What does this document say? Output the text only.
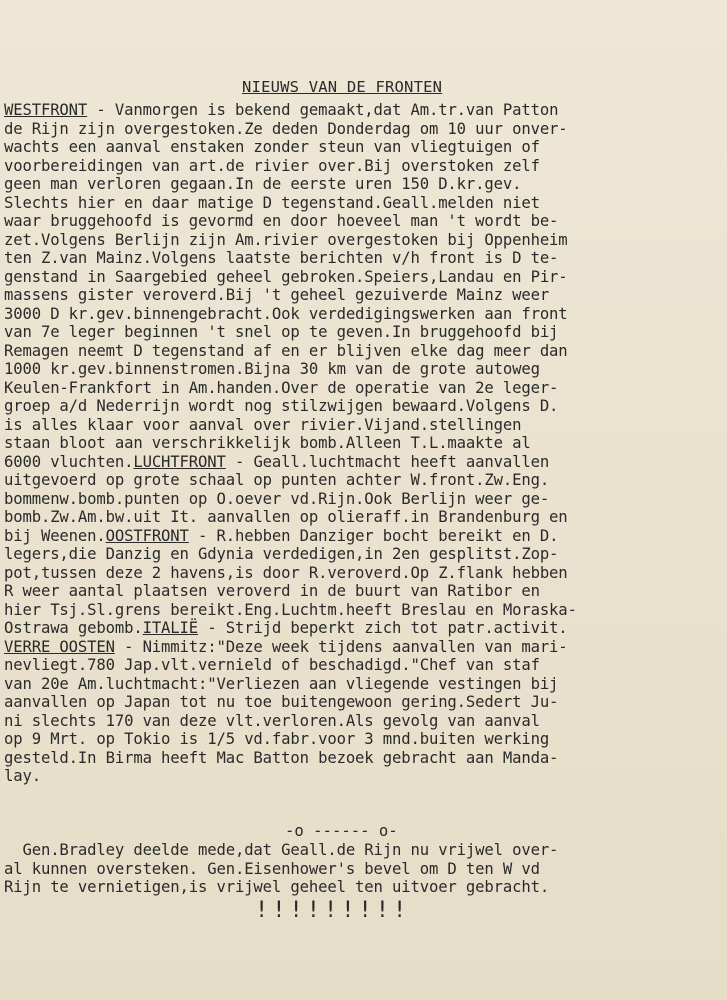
NIEUWS VAN DE FRONTEN
WESTFRONT - Vanmorgen is bekend gemaakt,dat Am.tr.van Patton
de Rijn zijn overgestoken.Ze deden Donderdag om 10 uur onver-
wachts een aanval enstaken zonder steun van vliegtuigen of
voorbereidingen van art.de rivier over.Bij overstoken zelf
geen man verloren gegaan.In de eerste uren 150 D.kr.gev.
Slechts hier en daar matige D tegenstand.Geall.melden niet
waar bruggehoofd is gevormd en door hoeveel man 't wordt be-
zet.Volgens Berlijn zijn Am.rivier overgestoken bij Oppenheim
ten Z.van Mainz.Volgens laatste berichten v/h front is D te-
genstand in Saargebied geheel gebroken.Speiers,Landau en Pir-
massens gister veroverd.Bij 't geheel gezuiverde Mainz weer
3000 D kr.gev.binnengebracht.Ook verdedigingswerken aan front
van 7e leger beginnen 't snel op te geven.In bruggehoofd bij
Remagen neemt D tegenstand af en er blijven elke dag meer dan
1000 kr.gev.binnenstromen.Bijna 30 km van de grote autoweg
Keulen-Frankfort in Am.handen.Over de operatie van 2e leger-
groep a/d Nederrijn wordt nog stilzwijgen bewaard.Volgens D.
is alles klaar voor aanval over rivier.Vijand.stellingen
staan bloot aan verschrikkelijk bomb.Alleen T.L.maakte al
6000 vluchten.LUCHTFRONT - Geall.luchtmacht heeft aanvallen
uitgevoerd op grote schaal op punten achter W.front.Zw.Eng.
bommenw.bomb.punten op O.oever vd.Rijn.Ook Berlijn weer ge-
bomb.Zw.Am.bw.uit It. aanvallen op olieraff.in Brandenburg en
bij Weenen.OOSTFRONT - R.hebben Danziger bocht bereikt en D.
legers,die Danzig en Gdynia verdedigen,in 2en gesplitst.Zop-
pot,tussen deze 2 havens,is door R.veroverd.Op Z.flank hebben
R weer aantal plaatsen veroverd in de buurt van Ratibor en
hier Tsj.Sl.grens bereikt.Eng.Luchtm.heeft Breslau en Moraska-
Ostrawa gebomb.ITALIË - Strijd beperkt zich tot patr.activit.
VERRE OOSTEN - Nimmitz:"Deze week tijdens aanvallen van mari-
nevliegt.780 Jap.vlt.vernield of beschadigd."Chef van staf
van 20e Am.luchtmacht:"Verliezen aan vliegende vestingen bij
aanvallen op Japan tot nu toe buitengewoon gering.Sedert Ju-
ni slechts 170 van deze vlt.verloren.Als gevolg van aanval
op 9 Mrt. op Tokio is 1/5 vd.fabr.voor 3 mnd.buiten werking
gesteld.In Birma heeft Mac Batton bezoek gebracht aan Manda-
lay.
-o ------ o-
Gen.Bradley deelde mede,dat Geall.de Rijn nu vrijwel over-
al kunnen oversteken. Gen.Eisenhower's bevel om D ten W vd
Rijn te vernietigen,is vrijwel geheel ten uitvoer gebracht.
!!!!!!!!!
